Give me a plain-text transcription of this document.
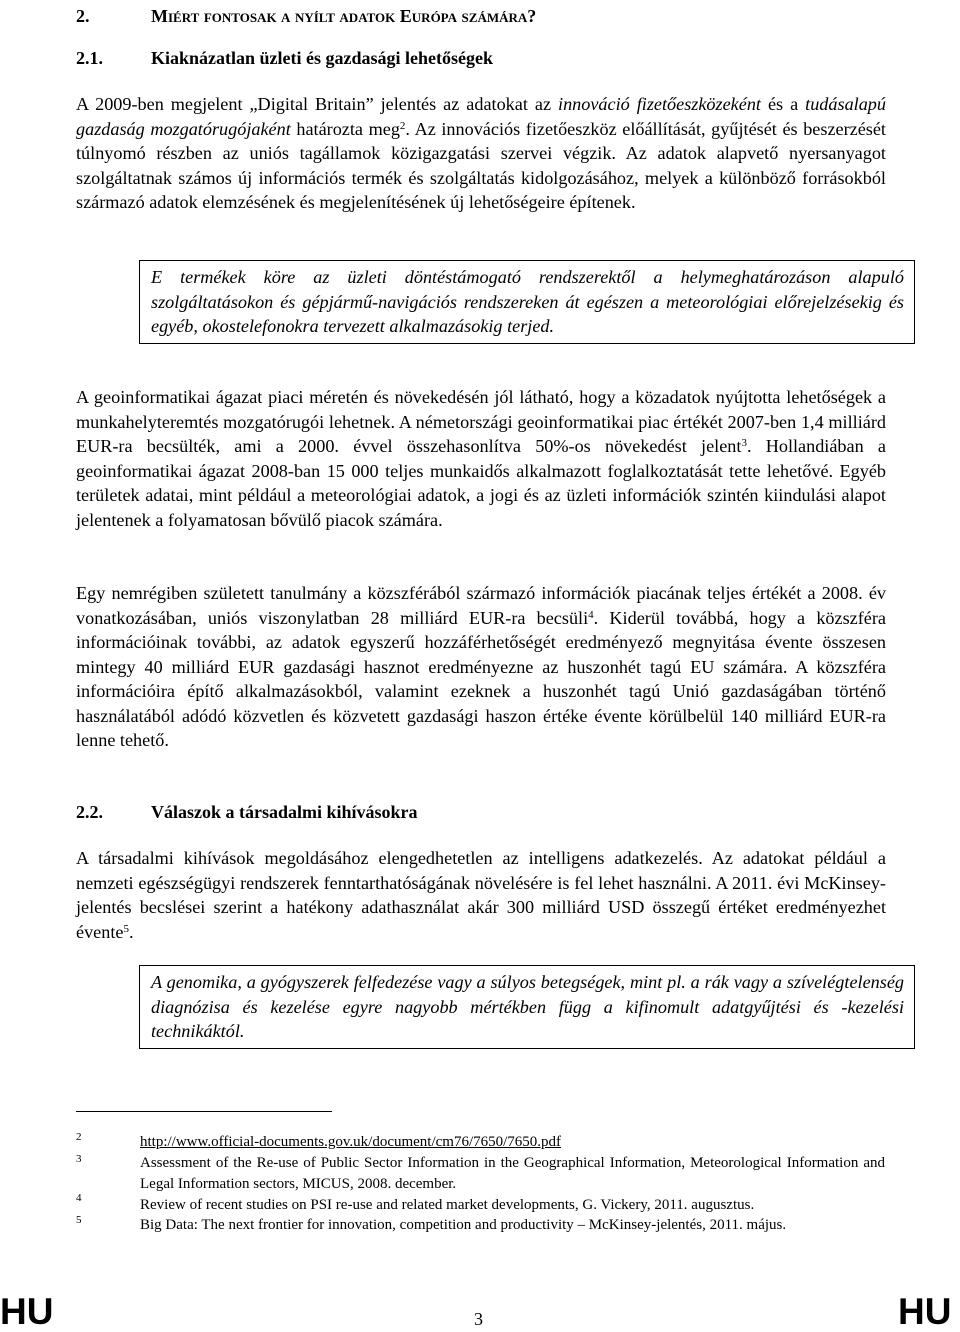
2.	Miért fontosak a nyílt adatok Európa számára?
2.1.	Kiaknázatlan üzleti és gazdasági lehetőségek

A 2009-ben megjelent „Digital Britain” jelentés az adatokat az innováció fizetőeszközeként és a tudásalapú gazdaság mozgatórugójaként határozta meg$^2$. Az innovációs fizetőeszköz előállítását, gyűjtését és beszerzését túlnyomó részben az uniós tagállamok közigazgatási szervei végzik. Az adatok alapvető nyersanyagot szolgáltatnak számos új információs termék és szolgáltatás kidolgozásához, melyek a különböző forrásokból származó adatok elemzésének és megjelenítésének új lehetőségeire építenek.

E termékek köre az üzleti döntéstámogató rendszerektől a helymeghatározáson alapuló szolgáltatásokon és gépjármű-navigációs rendszereken át egészen a meteorológiai előrejelzésekig és egyéb, okostelefonokra tervezett alkalmazásokig terjed.

A geoinformatikai ágazat piaci méretén és növekedésén jól látható, hogy a közadatok nyújtotta lehetőségek a munkahelyteremtés mozgatórugói lehetnek. A németországi geoinformatikai piac értékét 2007-ben 1,4 milliárd EUR-ra becsülték, ami a 2000. évvel összehasonlítva 50%-os növekedést jelent$^3$. Hollandiában a geoinformatikai ágazat 2008-ban 15 000 teljes munkaidős alkalmazott foglalkoztatását tette lehetővé. Egyéb területek adatai, mint például a meteorológiai adatok, a jogi és az üzleti információk szintén kiindulási alapot jelentenek a folyamatosan bővülő piacok számára.

Egy nemrégiben született tanulmány a közszférából származó információk piacának teljes értékét a 2008. év vonatkozásában, uniós viszonylatban 28 milliárd EUR-ra becsüli$^4$. Kiderül továbbá, hogy a közszféra információinak további, az adatok egyszerű hozzáférhetőségét eredményező megnyitása évente összesen mintegy 40 milliárd EUR gazdasági hasznot eredményezne az huszonhét tagú EU számára. A közszféra információira építő alkalmazásokból, valamint ezeknek a huszonhét tagú Unió gazdaságában történő használatából adódó közvetlen és közvetett gazdasági haszon értéke évente körülbelül 140 milliárd EUR-ra lenne tehető.

2.2.	Válaszok a társadalmi kihívásokra

A társadalmi kihívások megoldásához elengedhetetlen az intelligens adatkezelés. Az adatokat például a nemzeti egészségügyi rendszerek fenntarthatóságának növelésére is fel lehet használni. A 2011. évi McKinsey-jelentés becslései szerint a hatékony adathasználat akár 300 milliárd USD összegű értéket eredményezhet évente$^5$.

A genomika, a gyógyszerek felfedezése vagy a súlyos betegségek, mint pl. a rák vagy a szívelégtelenség diagnózisa és kezelése egyre nagyobb mértékben függ a kifinomult adatgyűjtési és -kezelési technikáktól.
2	http://www.official-documents.gov.uk/document/cm76/7650/7650.pdf

3	Assessment of the Re-use of Public Sector Information in the Geographical Information, Meteorological Information and Legal Information sectors, MICUS, 2008. december.

4	Review of recent studies on PSI re-use and related market developments, G. Vickery, 2011. augusztus.

5	Big Data: The next frontier for innovation, competition and productivity – McKinsey-jelentés, 2011. május.

HU	3	HU
